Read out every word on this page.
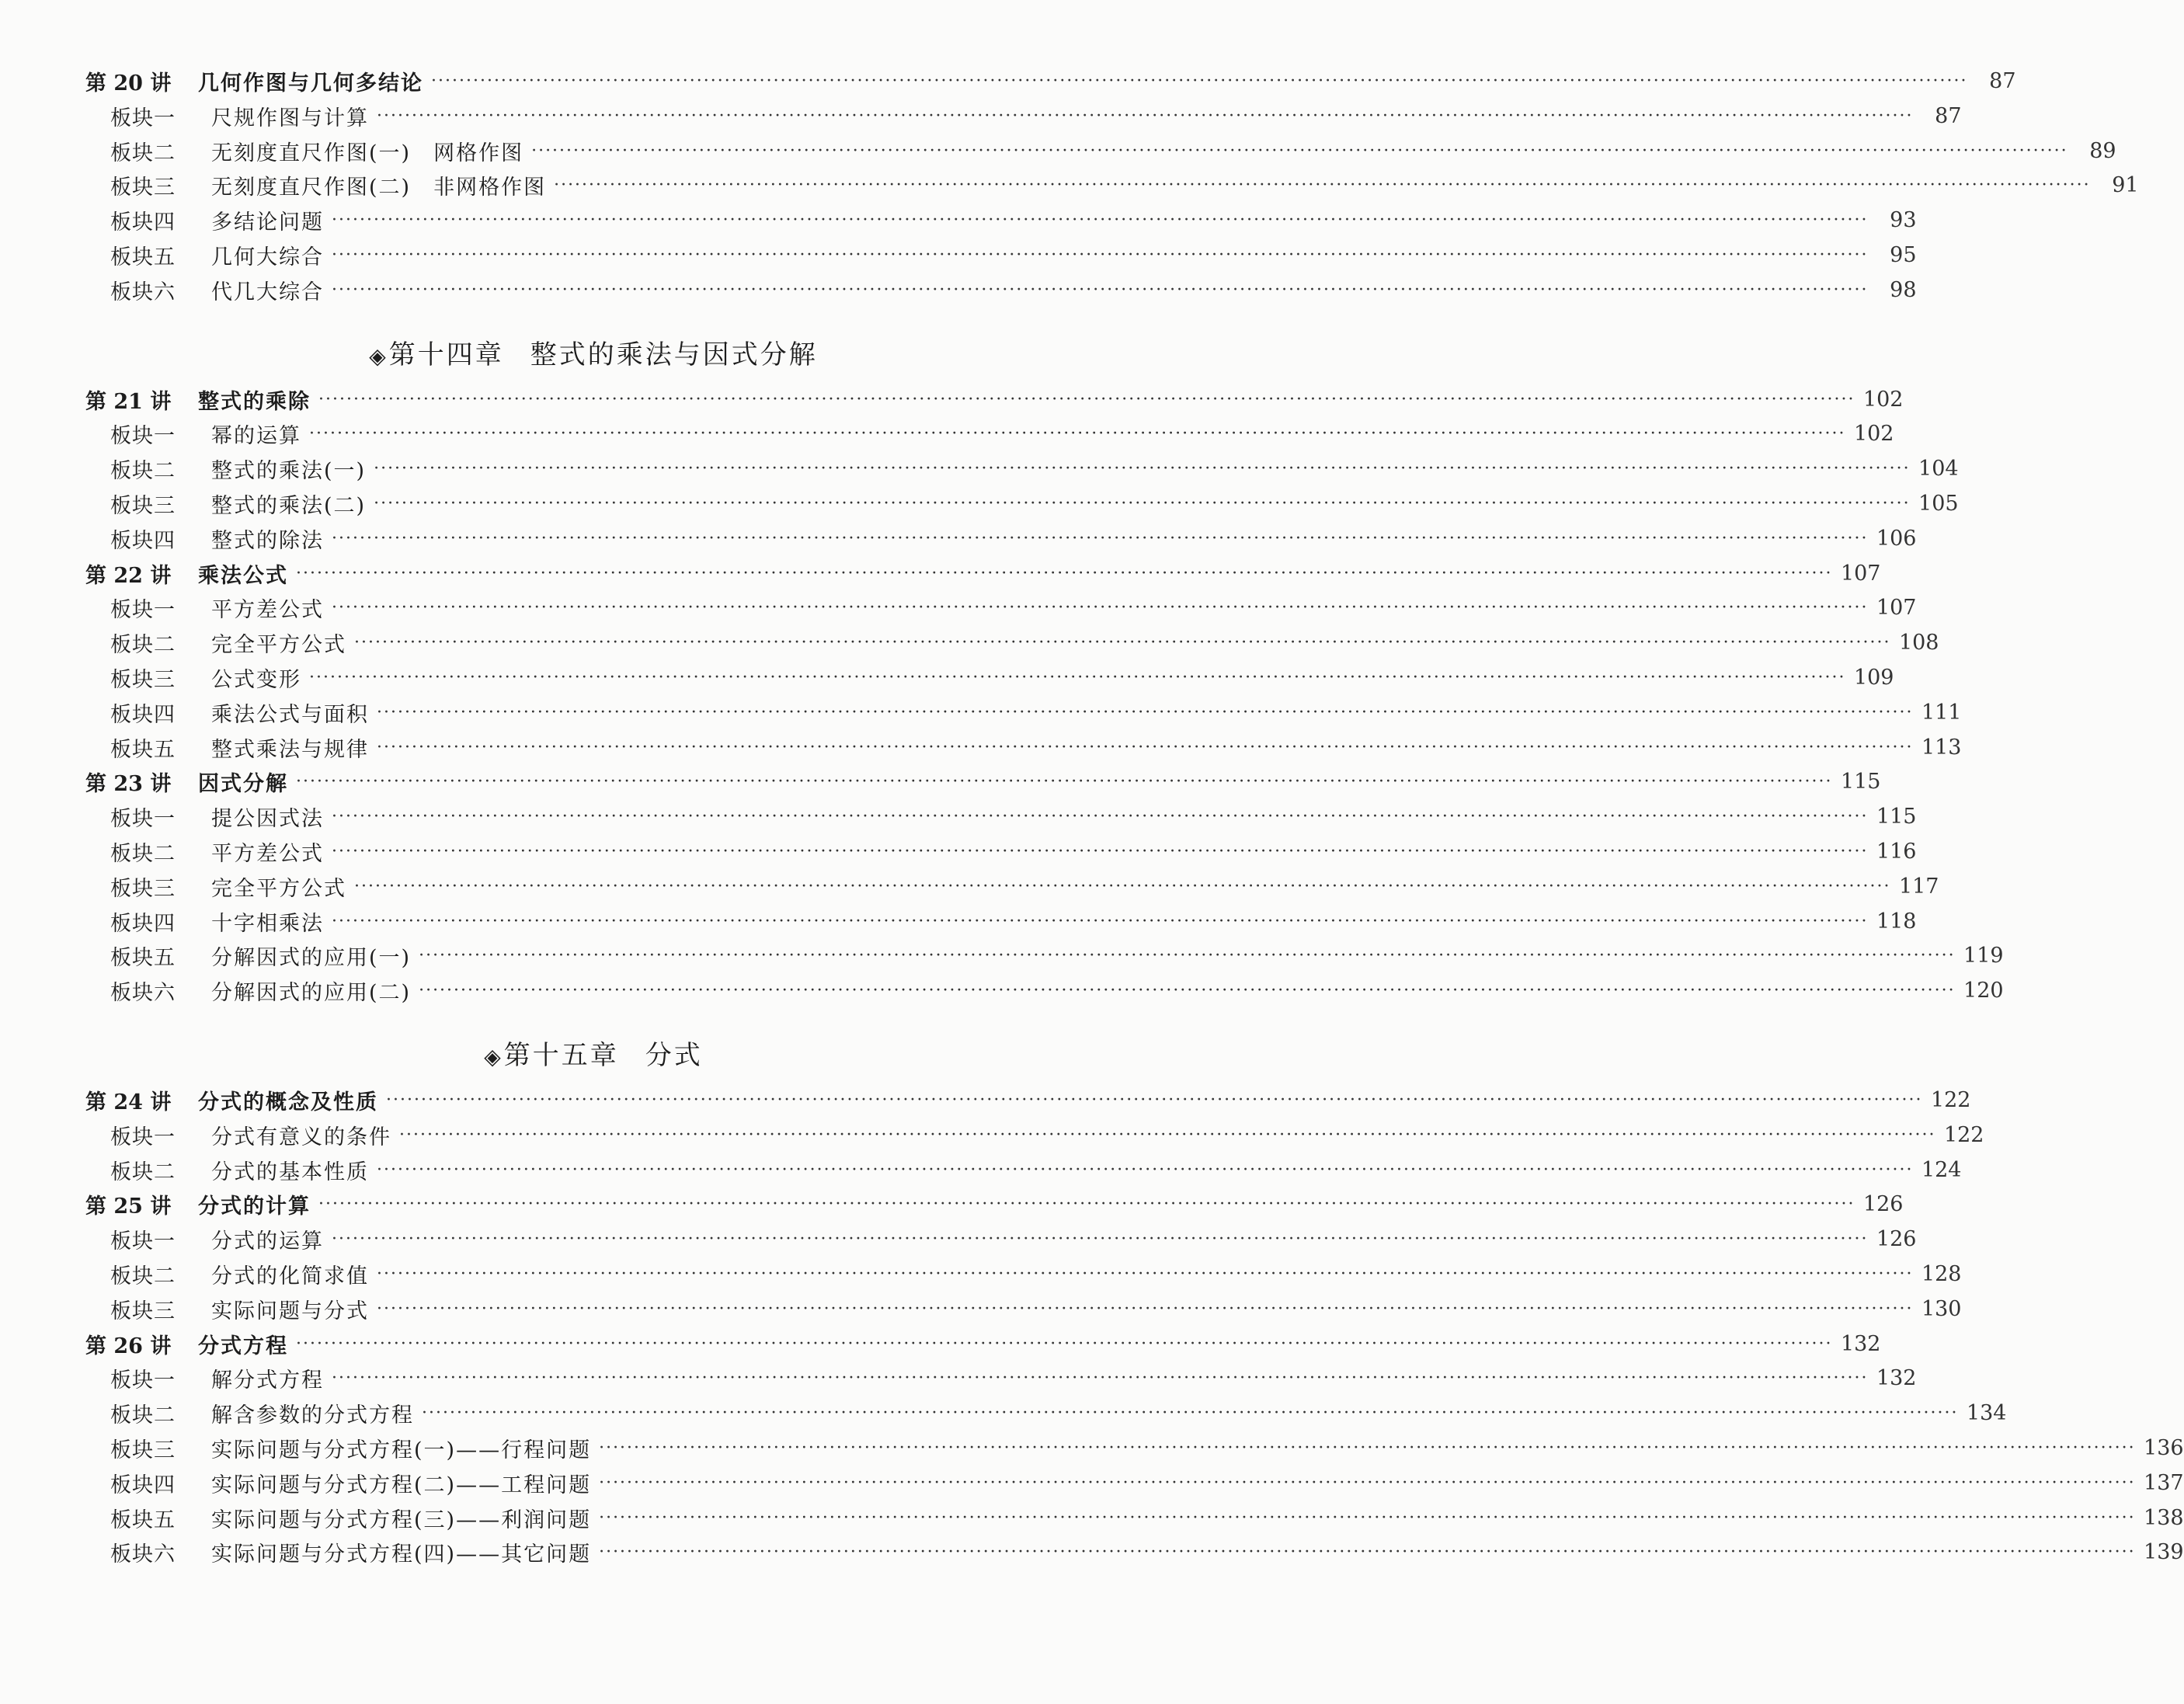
第 20 讲	几何作图与几何多结论 ····························································································································································································································	87
板块一	尺规作图与计算 ····························································································································································································································	87
板块二	无刻度直尺作图(一)　网格作图 ····························································································································································································································	89
板块三	无刻度直尺作图(二)　非网格作图 ····························································································································································································································	91
板块四	多结论问题 ····························································································································································································································	93
板块五	几何大综合 ····························································································································································································································	95
板块六	代几大综合 ····························································································································································································································	98
◈ 第十四章 整式的乘法与因式分解
第 21 讲	整式的乘除 ···························································································································································································································· 102
板块一	幂的运算 ···························································································································································································································· 102
板块二	整式的乘法(一) ···························································································································································································································· 104
板块三	整式的乘法(二) ···························································································································································································································· 105
板块四	整式的除法 ···························································································································································································································· 106
第 22 讲	乘法公式 ···························································································································································································································· 107
板块一	平方差公式 ···························································································································································································································· 107
板块二	完全平方公式 ···························································································································································································································· 108
板块三	公式变形 ···························································································································································································································· 109
板块四	乘法公式与面积 ···························································································································································································································· 111
板块五	整式乘法与规律 ···························································································································································································································· 113
第 23 讲	因式分解 ···························································································································································································································· 115
板块一	提公因式法 ···························································································································································································································· 115
板块二	平方差公式 ···························································································································································································································· 116
板块三	完全平方公式 ···························································································································································································································· 117
板块四	十字相乘法 ···························································································································································································································· 118
板块五	分解因式的应用(一) ···························································································································································································································· 119
板块六	分解因式的应用(二) ···························································································································································································································· 120
◈ 第十五章 分式
第 24 讲	分式的概念及性质 ···························································································································································································································· 122
板块一	分式有意义的条件 ···························································································································································································································· 122
板块二	分式的基本性质 ···························································································································································································································· 124
第 25 讲	分式的计算 ···························································································································································································································· 126
板块一	分式的运算 ···························································································································································································································· 126
板块二	分式的化简求值 ···························································································································································································································· 128
板块三	实际问题与分式 ···························································································································································································································· 130
第 26 讲	分式方程 ···························································································································································································································· 132
板块一	解分式方程 ···························································································································································································································· 132
板块二	解含参数的分式方程 ···························································································································································································································· 134
板块三	实际问题与分式方程(一)——行程问题 ···························································································································································································································· 136
板块四	实际问题与分式方程(二)——工程问题 ···························································································································································································································· 137
板块五	实际问题与分式方程(三)——利润问题 ···························································································································································································································· 138
板块六	实际问题与分式方程(四)——其它问题 ···························································································································································································································· 139
